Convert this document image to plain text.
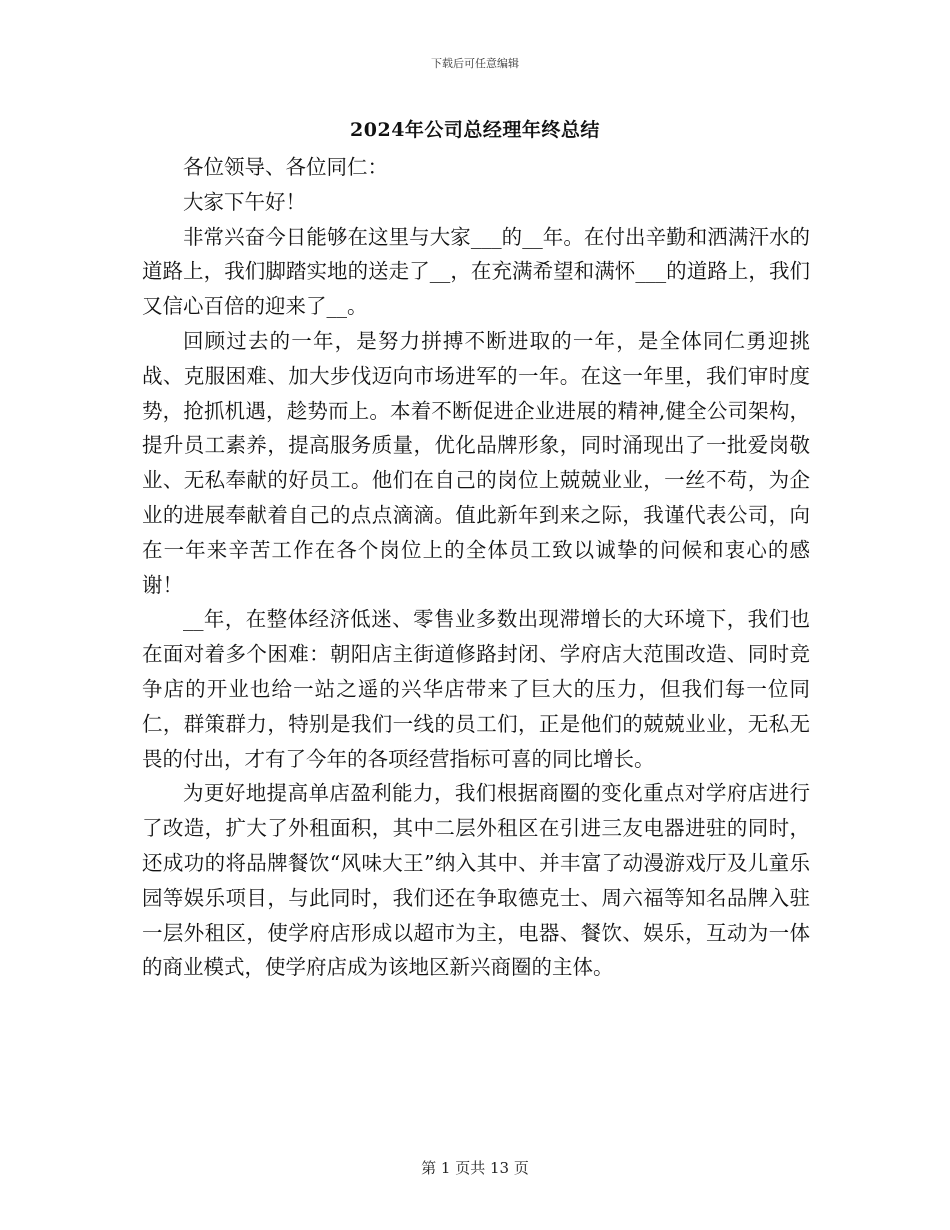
下载后可任意编辑
2024年公司总经理年终总结

各位领导、各位同仁：

大家下午好！

非常兴奋今日能够在这里与大家___的__年。在付出辛勤和洒满汗水的道路上，我们脚踏实地的送走了__，在充满希望和满怀___的道路上，我们又信心百倍的迎来了__。

回顾过去的一年，是努力拼搏不断进取的一年，是全体同仁勇迎挑战、克服困难、加大步伐迈向市场进军的一年。在这一年里，我们审时度势，抢抓机遇，趁势而上。本着不断促进企业进展的精神,健全公司架构，提升员工素养，提高服务质量，优化品牌形象，同时涌现出了一批爱岗敬业、无私奉献的好员工。他们在自己的岗位上兢兢业业，一丝不苟，为企业的进展奉献着自己的点点滴滴。值此新年到来之际，我谨代表公司，向在一年来辛苦工作在各个岗位上的全体员工致以诚挚的问候和衷心的感谢！

__年，在整体经济低迷、零售业多数出现滞增长的大环境下，我们也在面对着多个困难：朝阳店主街道修路封闭、学府店大范围改造、同时竞争店的开业也给一站之遥的兴华店带来了巨大的压力，但我们每一位同仁，群策群力，特别是我们一线的员工们，正是他们的兢兢业业，无私无畏的付出，才有了今年的各项经营指标可喜的同比增长。

为更好地提高单店盈利能力，我们根据商圈的变化重点对学府店进行了改造，扩大了外租面积，其中二层外租区在引进三友电器进驻的同时，还成功的将品牌餐饮“风味大王”纳入其中、并丰富了动漫游戏厅及儿童乐园等娱乐项目，与此同时，我们还在争取德克士、周六福等知名品牌入驻一层外租区，使学府店形成以超市为主，电器、餐饮、娱乐，互动为一体的商业模式，使学府店成为该地区新兴商圈的主体。

第 1 页共 13 页
